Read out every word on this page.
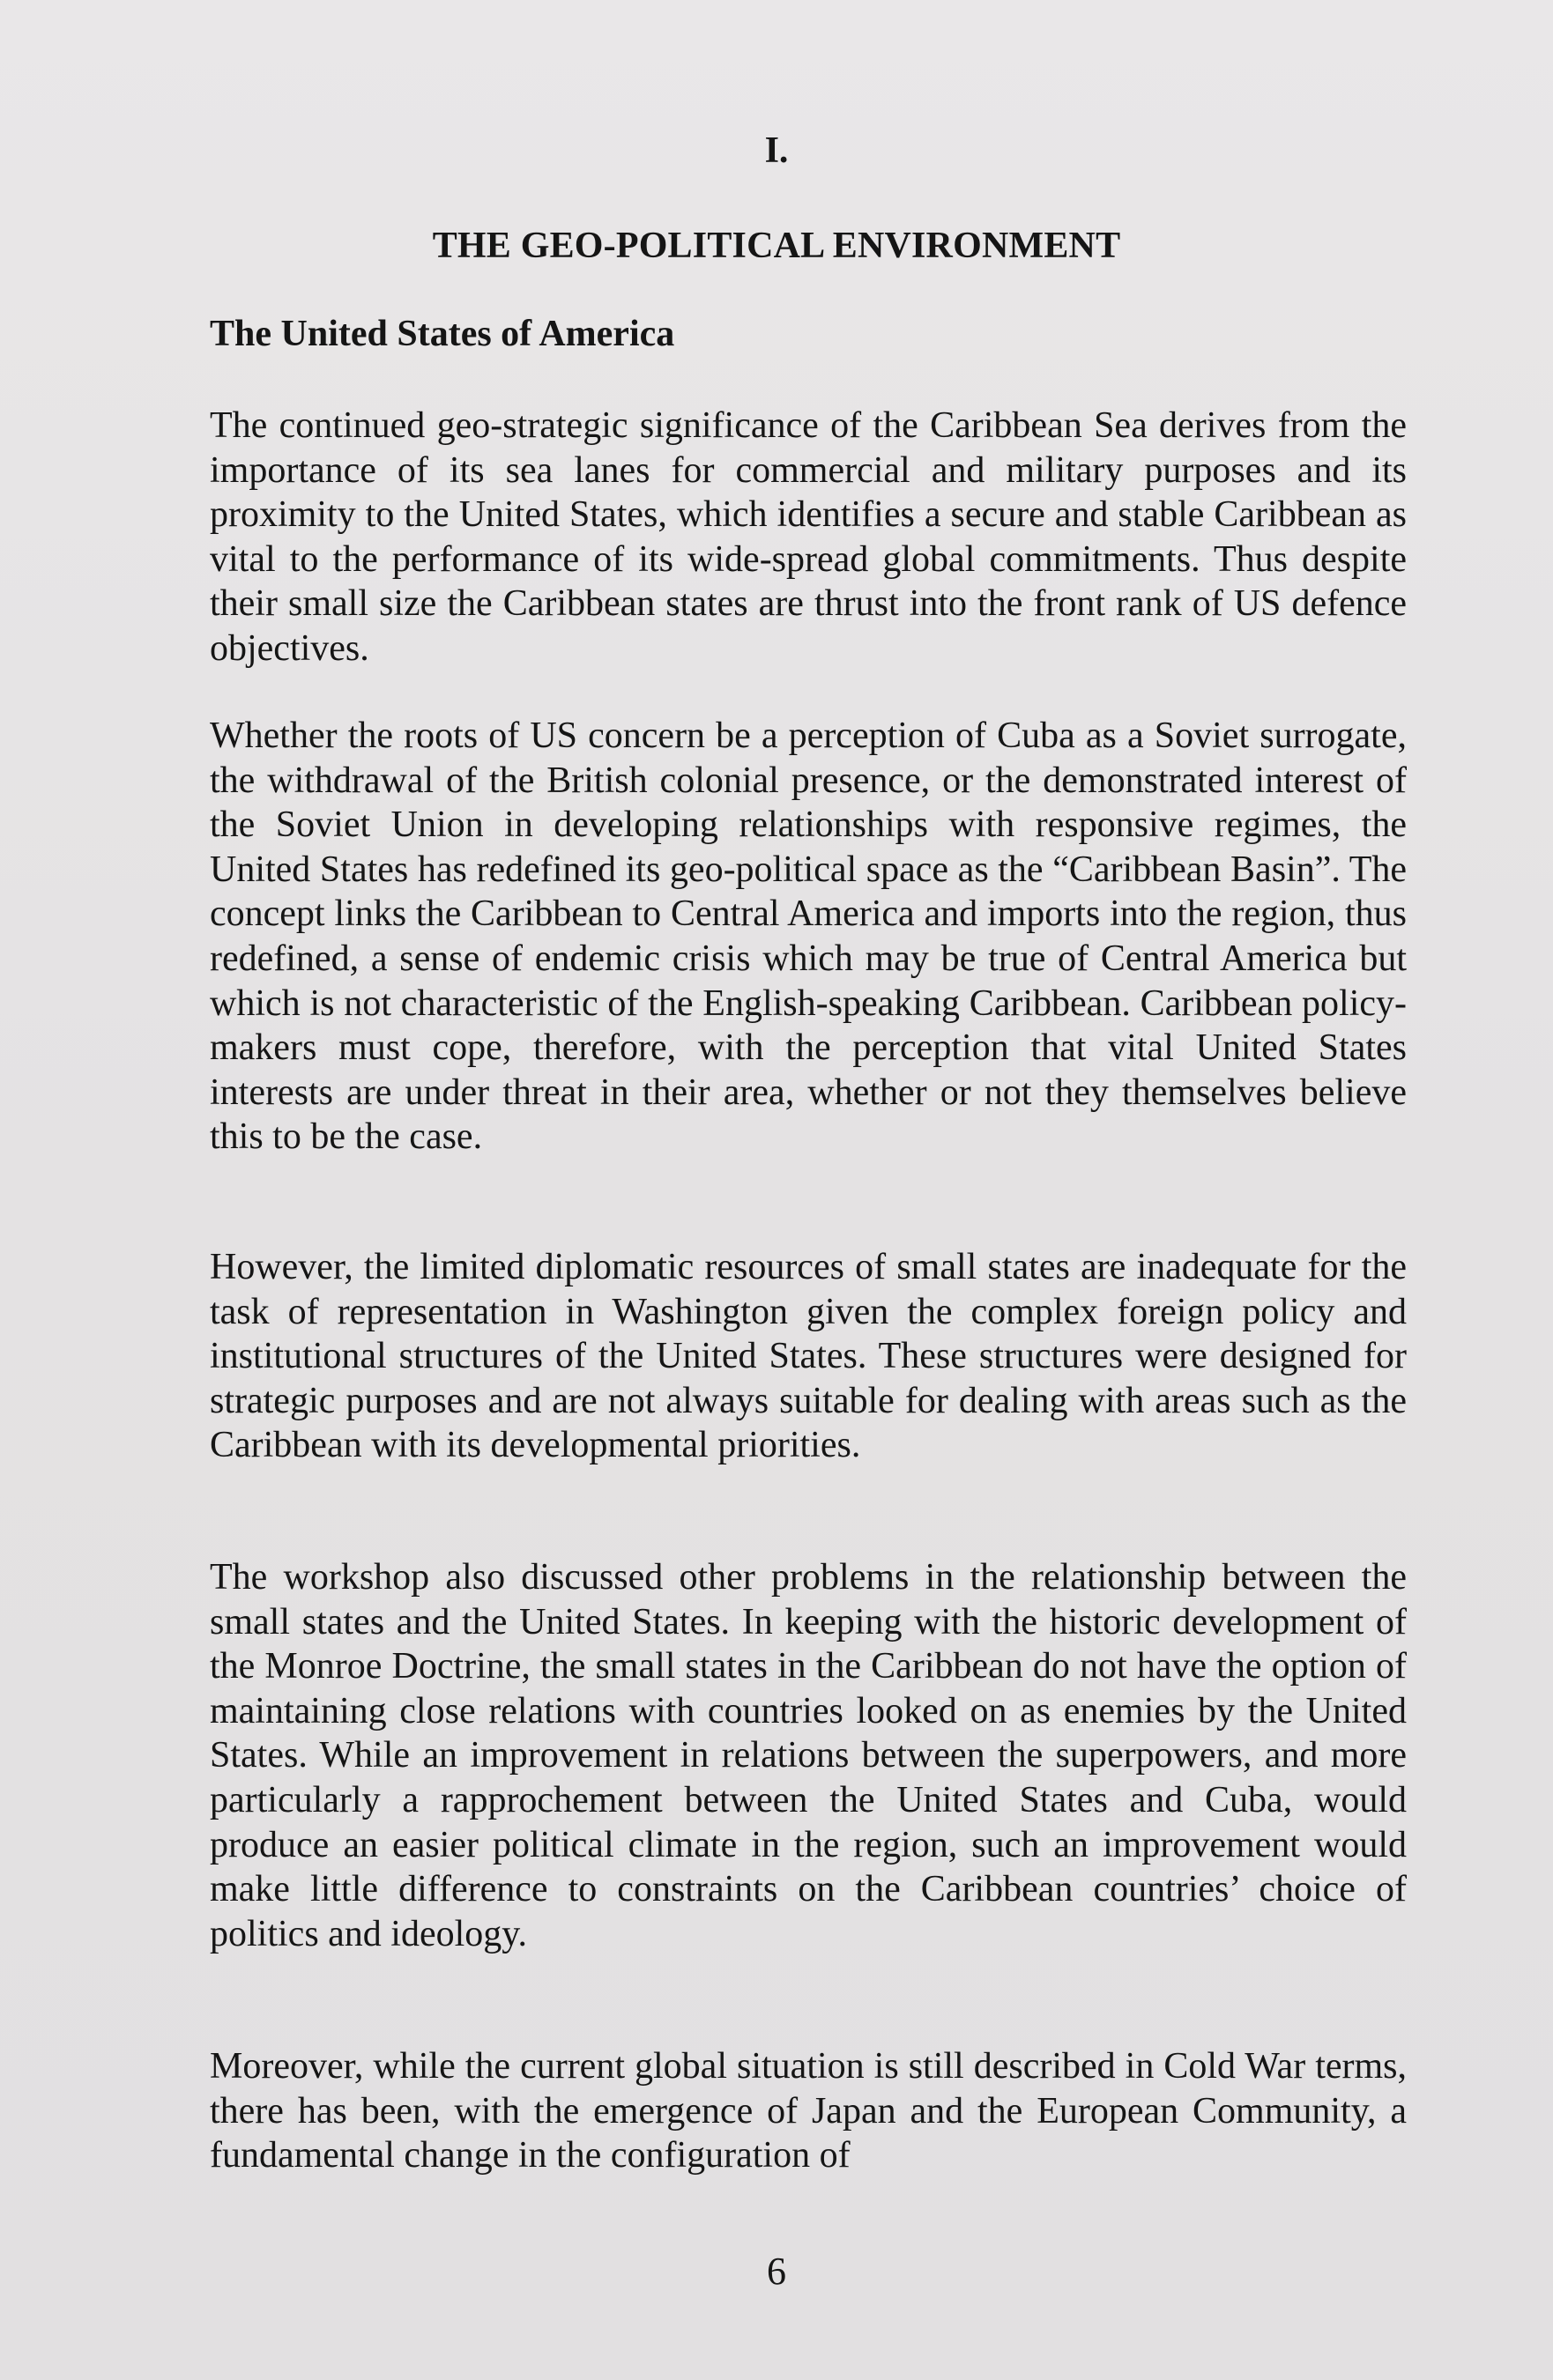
I.
THE GEO-POLITICAL ENVIRONMENT
The United States of America

The continued geo-strategic significance of the Caribbean Sea derives from the importance of its sea lanes for commercial and military purposes and its proximity to the United States, which identifies a secure and stable Caribbean as vital to the performance of its wide-spread global commitments. Thus despite their small size the Caribbean states are thrust into the front rank of US defence objectives.

Whether the roots of US concern be a perception of Cuba as a Soviet surrogate, the withdrawal of the British colonial presence, or the demonstrated interest of the Soviet Union in developing relationships with responsive regimes, the United States has redefined its geo-political space as the “Caribbean Basin”. The concept links the Caribbean to Central America and imports into the region, thus redefined, a sense of endemic crisis which may be true of Central America but which is not characteristic of the English-speaking Caribbean. Caribbean policy-makers must cope, therefore, with the perception that vital United States interests are under threat in their area, whether or not they themselves believe this to be the case.

However, the limited diplomatic resources of small states are inadequate for the task of representation in Washington given the complex foreign policy and institutional structures of the United States. These structures were designed for strategic purposes and are not always suitable for dealing with areas such as the Caribbean with its developmental priorities.

The workshop also discussed other problems in the relationship between the small states and the United States. In keeping with the historic development of the Monroe Doctrine, the small states in the Caribbean do not have the option of maintaining close relations with countries looked on as enemies by the United States. While an improvement in relations between the superpowers, and more particularly a rapprochement between the United States and Cuba, would produce an easier political climate in the region, such an improvement would make little difference to constraints on the Caribbean countries’ choice of politics and ideology.

Moreover, while the current global situation is still described in Cold War terms, there has been, with the emergence of Japan and the European Community, a fundamental change in the configuration of

6
